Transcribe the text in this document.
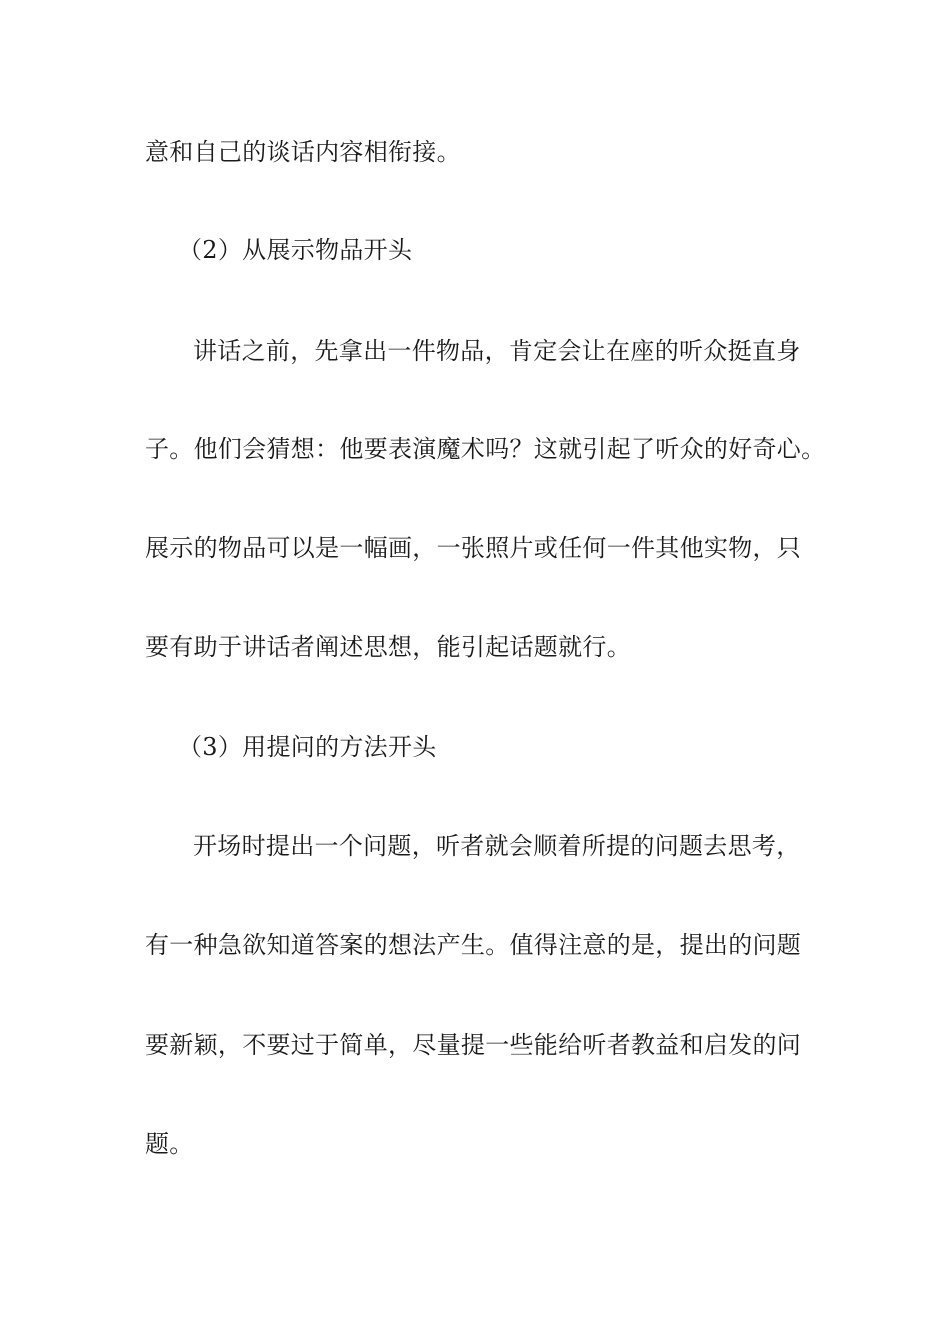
意和自己的谈话内容相衔接。

（2）从展示物品开头

讲话之前，先拿出一件物品，肯定会让在座的听众挺直身

子。他们会猜想：他要表演魔术吗？这就引起了听众的好奇心。

展示的物品可以是一幅画，一张照片或任何一件其他实物，只

要有助于讲话者阐述思想，能引起话题就行。

（3）用提问的方法开头

开场时提出一个问题，听者就会顺着所提的问题去思考，

有一种急欲知道答案的想法产生。值得注意的是，提出的问题

要新颖，不要过于简单，尽量提一些能给听者教益和启发的问

题。
